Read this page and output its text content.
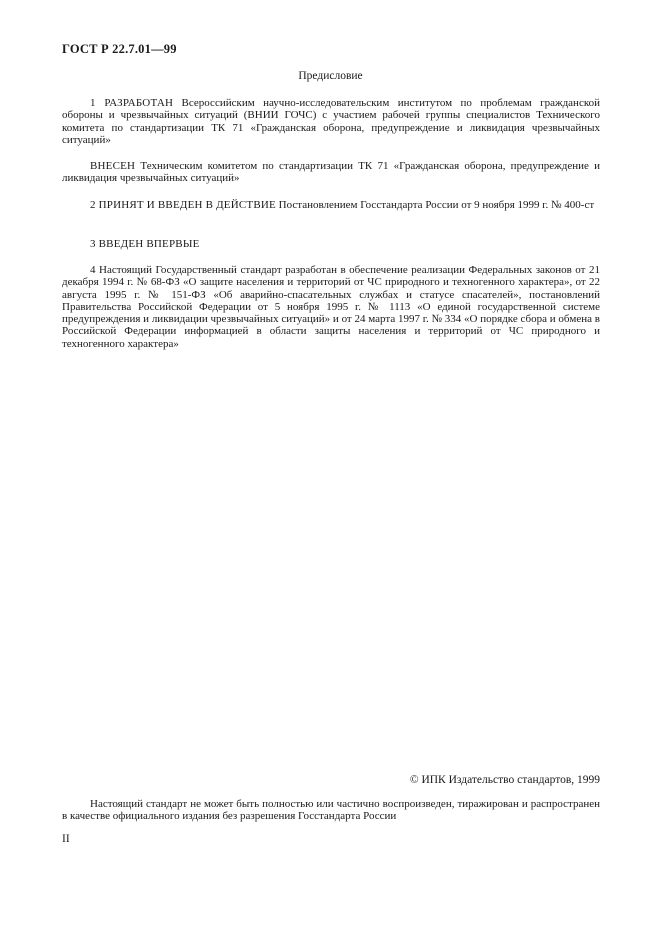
ГОСТ Р 22.7.01—99
Предисловие
1 РАЗРАБОТАН Всероссийским научно-исследовательским институтом по проблемам гражданской обороны и чрезвычайных ситуаций (ВНИИ ГОЧС) с участием рабочей группы специалистов Технического комитета по стандартизации ТК 71 «Гражданская оборона, предупреждение и ликвидация чрезвычайных ситуаций»
ВНЕСЕН Техническим комитетом по стандартизации ТК 71 «Гражданская оборона, предупреждение и ликвидация чрезвычайных ситуаций»
2 ПРИНЯТ И ВВЕДЕН В ДЕЙСТВИЕ Постановлением Госстандарта России от 9 ноября 1999 г. № 400-ст
3 ВВЕДЕН ВПЕРВЫЕ
4 Настоящий Государственный стандарт разработан в обеспечение реализации Федеральных законов от 21 декабря 1994 г. № 68-ФЗ «О защите населения и территорий от ЧС природного и техногенного характера», от 22 августа 1995 г. № 151-ФЗ «Об аварийно-спасательных службах и статусе спасателей», постановлений Правительства Российской Федерации от 5 ноября 1995 г. № 1113 «О единой государственной системе предупреждения и ликвидации чрезвычайных ситуаций» и от 24 марта 1997 г. № 334 «О порядке сбора и обмена в Российской Федерации информацией в области защиты населения и территорий от ЧС природного и техногенного характера»
© ИПК Издательство стандартов, 1999
Настоящий стандарт не может быть полностью или частично воспроизведен, тиражирован и распространен в качестве официального издания без разрешения Госстандарта России
II
